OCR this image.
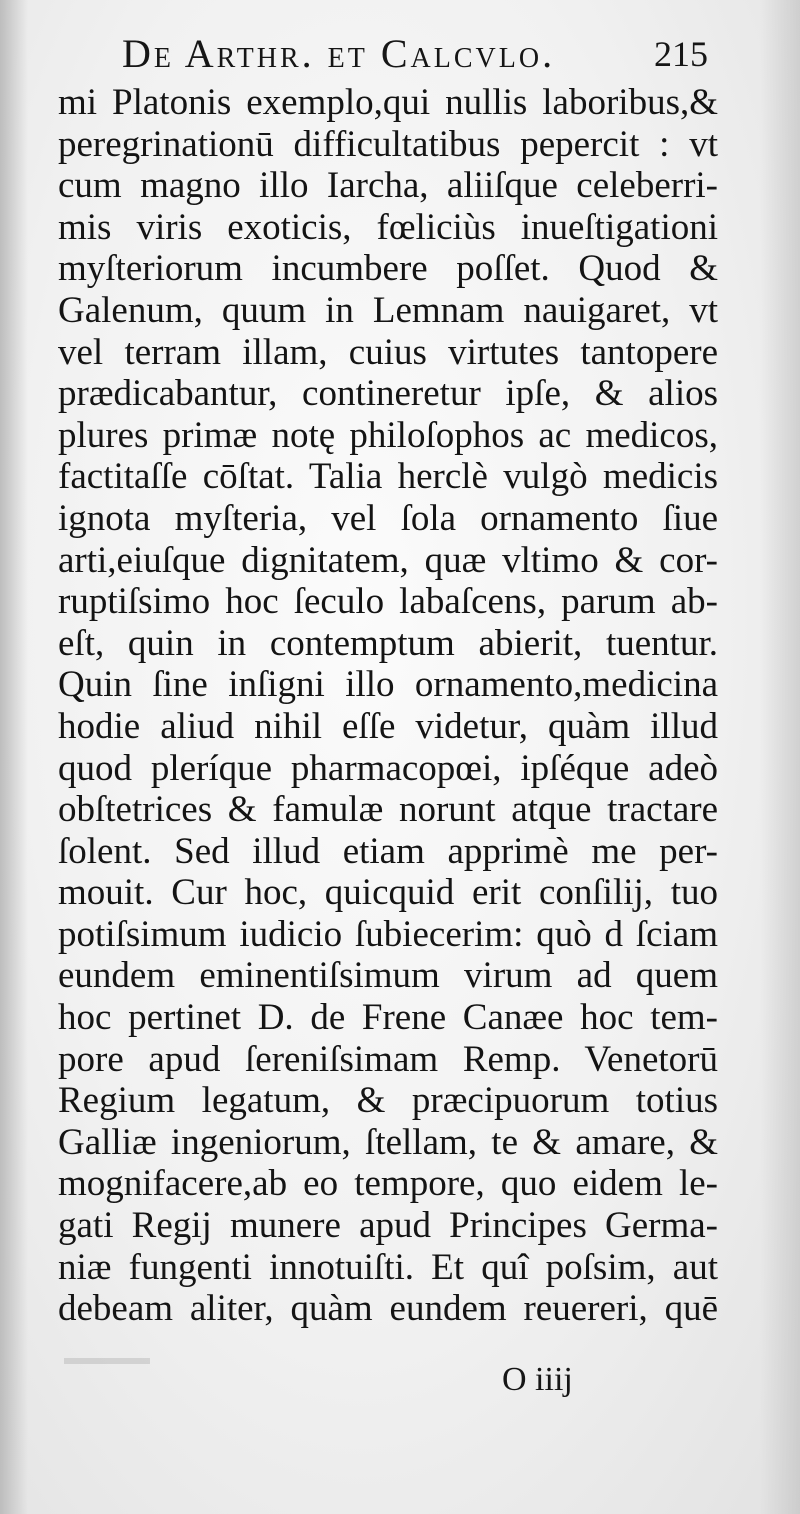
De Arthr. et Calcvlo.	215
mi Platonis exemplo,qui nullis laboribus,&
peregrinationū difficultatibus pepercit : vt
cum magno illo Iarcha, aliiſque celeberri-
mis viris exoticis, fœliciùs inueſtigationi
myſteriorum incumbere poſſet. Quod &
Galenum, quum in Lemnam nauigaret, vt
vel terram illam, cuius virtutes tantopere
prædicabantur, contineretur ipſe, & alios
plures primæ notę philoſophos ac medicos,
factitaſſe cōſtat. Talia herclè vulgò medicis
ignota myſteria, vel ſola ornamento ſiue
arti,eiuſque dignitatem, quæ vltimo & cor-
ruptiſsimo hoc ſeculo labaſcens, parum ab-
eſt, quin in contemptum abierit, tuentur.
Quin ſine inſigni illo ornamento,medicina
hodie aliud nihil eſſe videtur, quàm illud
quod pleríque pharmacopœi, ipſéque adeò
obſtetrices & famulæ norunt atque tractare
ſolent. Sed illud etiam apprimè me per-
mouit. Cur hoc, quicquid erit conſilij, tuo
potiſsimum iudicio ſubiecerim: quò d ſciam
eundem eminentiſsimum virum ad quem
hoc pertinet D. de Frene Canæe hoc tem-
pore apud ſereniſsimam Remp. Venetorū
Regium legatum, & præcipuorum totius
Galliæ ingeniorum, ſtellam, te & amare, &
mognifacere,ab eo tempore, quo eidem le-
gati Regij munere apud Principes Germa-
niæ fungenti innotuiſti. Et quî poſsim, aut
debeam aliter, quàm eundem reuereri, quē
O iiij
